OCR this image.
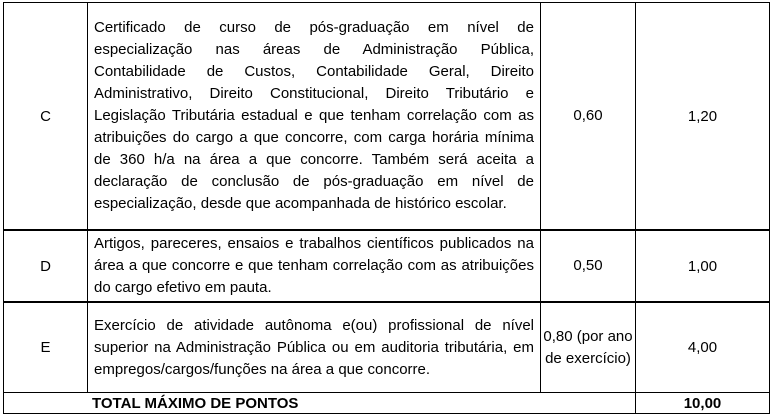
C	Certificado de curso de pós-graduação em nível de especialização nas áreas de Administração Pública, Contabilidade de Custos, Contabilidade Geral, Direito Administrativo, Direito Constitucional, Direito Tributário e Legislação Tributária estadual e que tenham correlação com as atribuições do cargo a que concorre, com carga horária mínima de 360 h/a na área a que concorre. Também será aceita a declaração de conclusão de pós-graduação em nível de especialização, desde que acompanhada de histórico escolar.	0,60	1,20
D	Artigos, pareceres, ensaios e trabalhos científicos publicados na área a que concorre e que tenham correlação com as atribuições do cargo efetivo em pauta.	0,50	1,00
E	Exercício de atividade autônoma e(ou) profissional de nível superior na Administração Pública ou em auditoria tributária, em empregos/cargos/funções na área a que concorre.	0,80 (por ano de exercício)	4,00
TOTAL MÁXIMO DE PONTOS			10,00
